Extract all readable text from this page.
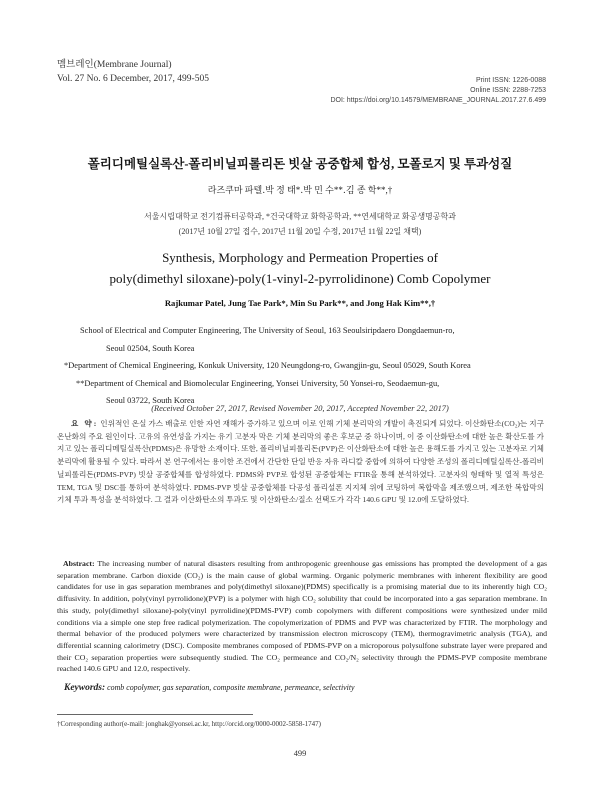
멤브레인(Membrane Journal)
Vol. 27 No. 6 December, 2017, 499-505	Print ISSN: 1226-0088
Online ISSN: 2288-7253
DOI: https://doi.org/10.14579/MEMBRANE_JOURNAL.2017.27.6.499
폴리디메틸실록산-폴리비닐피롤리돈 빗살 공중합체 합성, 모폴로지 및 투과성질
라즈쿠마 파텔․박 정 태*․박 민 수**․김 종 학**,†
서울시립대학교 전기컴퓨터공학과, *건국대학교 화학공학과, **연세대학교 화공생명공학과
(2017년 10월 27일 접수, 2017년 11월 20일 수정, 2017년 11월 22일 채택)
Synthesis, Morphology and Permeation Properties of
poly(dimethyl siloxane)-poly(1-vinyl-2-pyrrolidinone) Comb Copolymer
Rajkumar Patel, Jung Tae Park*, Min Su Park**, and Jong Hak Kim**,†
School of Electrical and Computer Engineering, The University of Seoul, 163 Seoulsiripdaero Dongdaemun-ro,
Seoul 02504, South Korea
*Department of Chemical Engineering, Konkuk University, 120 Neungdong-ro, Gwangjin-gu, Seoul 05029, South Korea
**Department of Chemical and Biomolecular Engineering, Yonsei University, 50 Yonsei-ro, Seodaemun-gu,
Seoul 03722, South Korea
(Received October 27, 2017, Revised November 20, 2017, Accepted November 22, 2017)
요 약: 인위적인 온실 가스 배출로 인한 자연 재해가 증가하고 있으며 이로 인해 기체 분리막의 개발이 촉진되게 되었다. 이산화탄소(CO₂)는 지구 온난화의 주요 원인이다. 고유의 유연성을 가지는 유기 고분자 막은 기체 분리막의 좋은 후보군 중 하나이며, 이 중 이산화탄소에 대한 높은 확산도를 가지고 있는 폴리디메틸실록산(PDMS)은 유망한 소재이다. 또한, 폴리비닐피롤리돈(PVP)은 이산화탄소에 대한 높은 용해도를 가지고 있는 고분자로 기체 분리막에 활용될 수 있다. 따라서 본 연구에서는 용이한 조건에서 간단한 단일 반응 자유 라디칼 중합에 의하여 다양한 조성의 폴리디메틸실록산-폴리비닐피롤리돈(PDMS-PVP) 빗살 공중합체를 합성하였다. PDMS와 PVP로 합성된 공중합체는 FTIR을 통해 분석하였다. 고분자의 형태학 및 열적 특성은 TEM, TGA 및 DSC를 통하여 분석하였다. PDMS-PVP 빗살 공중합체를 다공성 폴리설폰 지지체 위에 코팅하여 복합막을 제조했으며, 제조한 복합막의 기체 투과 특성을 분석하였다. 그 결과 이산화탄소의 투과도 및 이산화탄소/질소 선택도가 각각 140.6 GPU 및 12.0에 도달하였다.
Abstract: The increasing number of natural disasters resulting from anthropogenic greenhouse gas emissions has prompted the development of a gas separation membrane. Carbon dioxide (CO₂) is the main cause of global warming. Organic polymeric membranes with inherent flexibility are good candidates for use in gas separation membranes and poly(dimethyl siloxane)(PDMS) specifically is a promising material due to its inherently high CO₂ diffusivity. In addition, poly(vinyl pyrrolidone)(PVP) is a polymer with high CO₂ solubility that could be incorporated into a gas separation membrane. In this study, poly(dimethyl siloxane)-poly(vinyl pyrrolidine)(PDMS-PVP) comb copolymers with different compositions were synthesized under mild conditions via a simple one step free radical polymerization. The copolymerization of PDMS and PVP was characterized by FTIR. The morphology and thermal behavior of the produced polymers were characterized by transmission electron microscopy (TEM), thermogravimetric analysis (TGA), and differential scanning calorimetry (DSC). Composite membranes composed of PDMS-PVP on a microporous polysulfone substrate layer were prepared and their CO₂ separation properties were subsequently studied. The CO₂ permeance and CO₂/N₂ selectivity through the PDMS-PVP composite membrane reached 140.6 GPU and 12.0, respectively.
Keywords: comb copolymer, gas separation, composite membrane, permeance, selectivity
†Corresponding author(e-mail: jonghak@yonsei.ac.kr, http://orcid.org/0000-0002-5858-1747)
499
